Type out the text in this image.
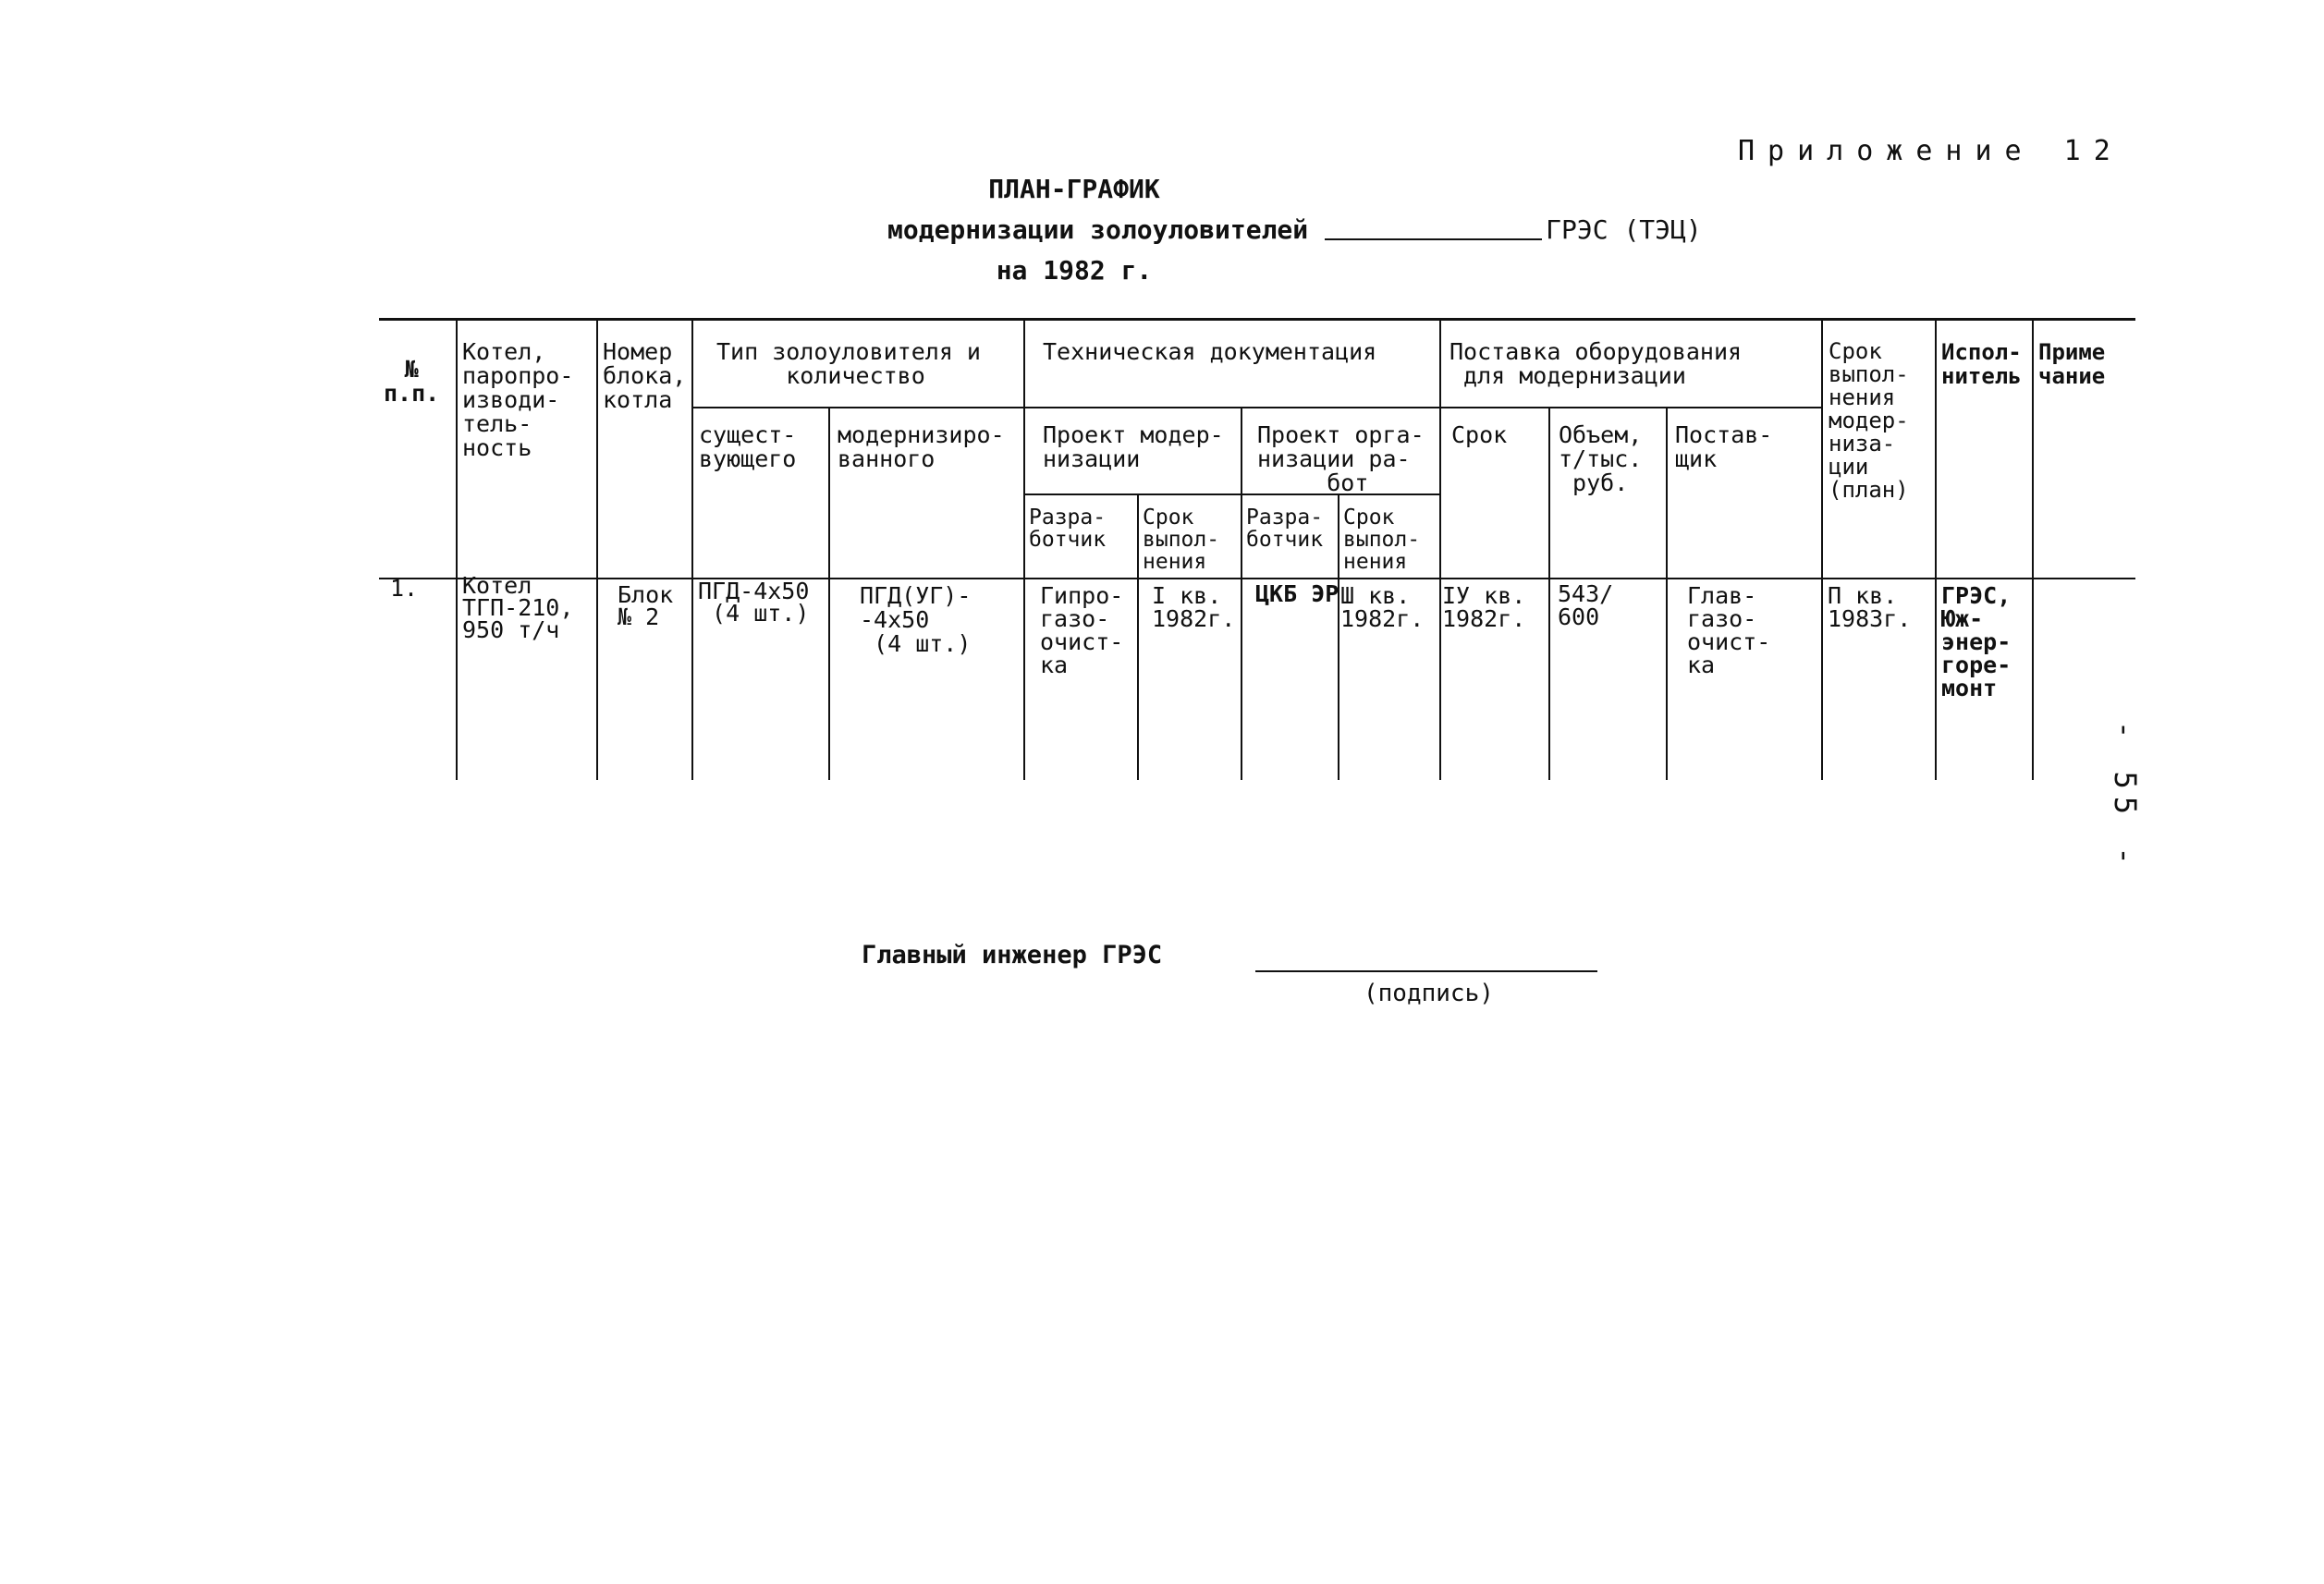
Приложение 12
ПЛАН-ГРАФИК
модернизации золоуловителей	ГРЭС (ТЭЦ)
на 1982 г.
№
п.п.
Котел,
паропро-
изводи-
тель-
ность
Номер
блока,
котла
Тип золоуловителя и
количество
сущест-
вующего
модернизиро-
ванного
Техническая документация
Проект модер-
низации
Проект орга-
низации ра-
бот
Разра-
ботчик
Срок
выпол-
нения
Разра-
ботчик
Срок
выпол-
нения
Поставка оборудования
для модернизации
Срок Объем,
т/тыс.
руб.
Постав-
щик
Срок
выпол-
нения
модер-
низа-
ции
(план)
Испол-
нитель
Приме
чание
1. Котел
ТГП-210,
950 т/ч
Блок
№ 2
ПГД-4х50
(4 шт.)
ПГД(УГ)-
-4х50
(4 шт.)
Гипро-
газо-
очист-
ка
I кв.
1982г.
ЦКБ ЭР Ш кв.
1982г.
IУ кв.
1982г.
543/
600
Глав-
газо-
очист-
ка
П кв.
1983г.
ГРЭС,
Юж-
энер-
горе-
монт
Главный инженер ГРЭС
(подпись)
- 55 -
